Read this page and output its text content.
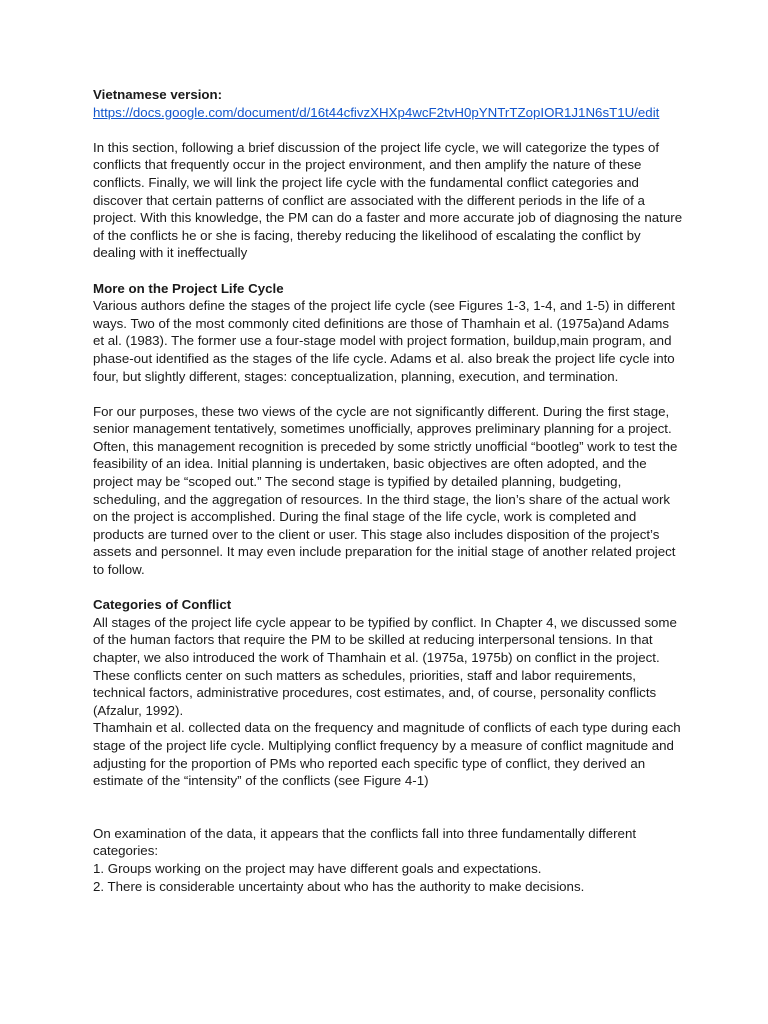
Vietnamese version:

https://docs.google.com/document/d/16t44cfivzXHXp4wcF2tvH0pYNTrTZopIOR1J1N6sT1U/edit

In this section, following a brief discussion of the project life cycle, we will categorize the types of conflicts that frequently occur in the project environment, and then amplify the nature of these conflicts. Finally, we will link the project life cycle with the fundamental conflict categories and discover that certain patterns of conflict are associated with the different periods in the life of a project. With this knowledge, the PM can do a faster and more accurate job of diagnosing the nature of the conflicts he or she is facing, thereby reducing the likelihood of escalating the conflict by dealing with it ineffectually

More on the Project Life Cycle

Various authors define the stages of the project life cycle (see Figures 1-3, 1-4, and 1-5) in different ways. Two of the most commonly cited definitions are those of Thamhain et al. (1975a)and Adams et al. (1983). The former use a four-stage model with project formation, buildup,main program, and phase-out identified as the stages of the life cycle. Adams et al. also break the project life cycle into four, but slightly different, stages: conceptualization, planning, execution, and termination.

For our purposes, these two views of the cycle are not significantly different. During the first stage, senior management tentatively, sometimes unofficially, approves preliminary planning for a project. Often, this management recognition is preceded by some strictly unofficial “bootleg” work to test the feasibility of an idea. Initial planning is undertaken, basic objectives are often adopted, and the project may be “scoped out.” The second stage is typified by detailed planning, budgeting, scheduling, and the aggregation of resources. In the third stage, the lion’s share of the actual work on the project is accomplished. During the final stage of the life cycle, work is completed and products are turned over to the client or user. This stage also includes disposition of the project’s assets and personnel. It may even include preparation for the initial stage of another related project to follow.

Categories of Conflict

All stages of the project life cycle appear to be typified by conflict. In Chapter 4, we discussed some of the human factors that require the PM to be skilled at reducing interpersonal tensions. In that chapter, we also introduced the work of Thamhain et al. (1975a, 1975b) on conflict in the project. These conflicts center on such matters as schedules, priorities, staff and labor requirements, technical factors, administrative procedures, cost estimates, and, of course, personality conflicts (Afzalur, 1992).

Thamhain et al. collected data on the frequency and magnitude of conflicts of each type during each stage of the project life cycle. Multiplying conflict frequency by a measure of conflict magnitude and adjusting for the proportion of PMs who reported each specific type of conflict, they derived an estimate of the “intensity” of the conflicts (see Figure 4-1)

On examination of the data, it appears that the conflicts fall into three fundamentally different categories:

1. Groups working on the project may have different goals and expectations.

2. There is considerable uncertainty about who has the authority to make decisions.
